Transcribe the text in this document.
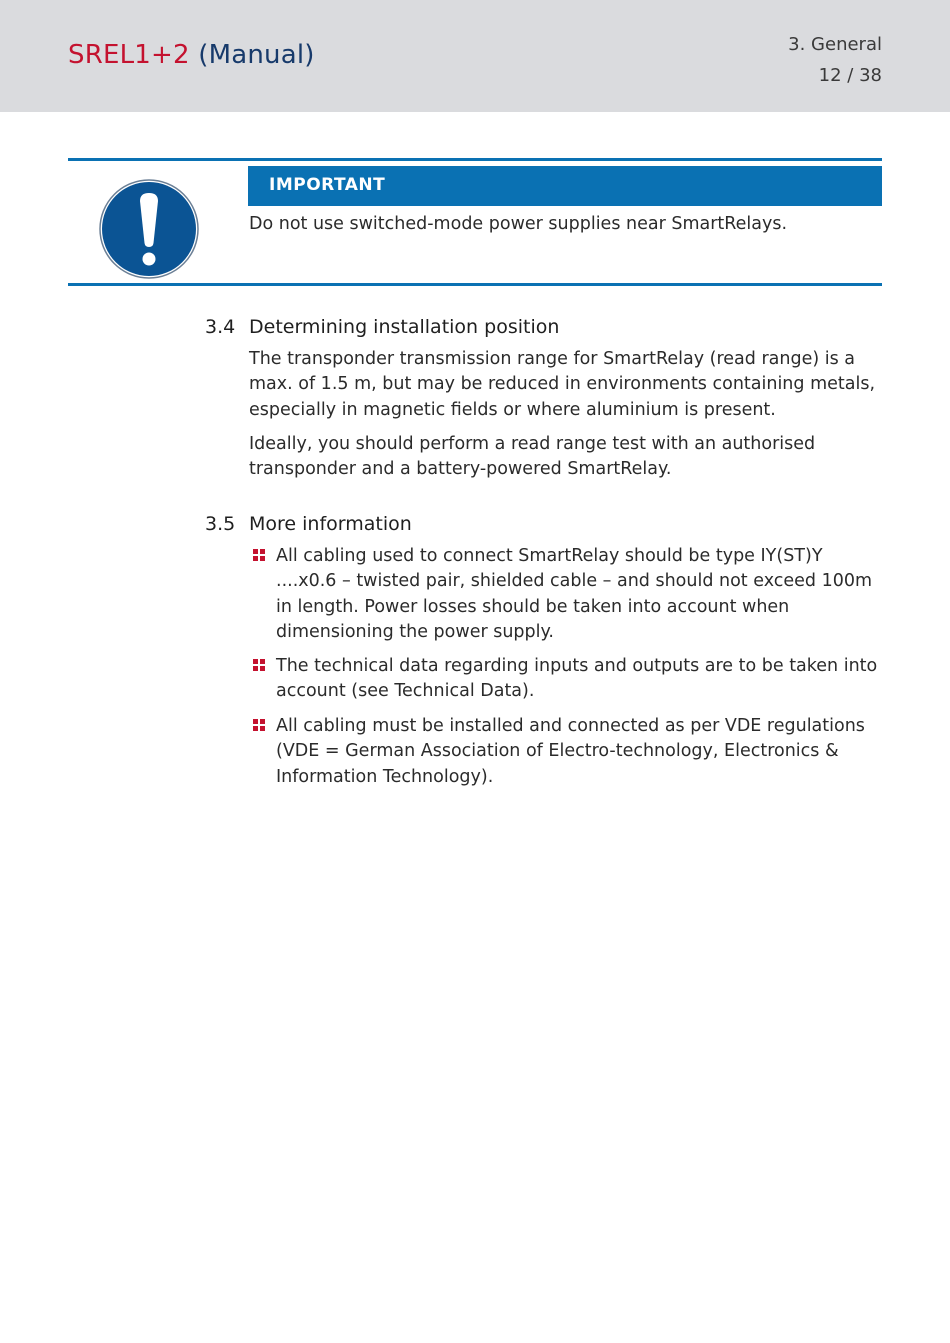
SREL1+2 (Manual)	3. General
12 / 38
IMPORTANT
Do not use switched-mode power supplies near SmartRelays.
3.4 Determining installation position
The transponder transmission range for SmartRelay (read range) is a max. of 1.5 m, but may be reduced in environments containing metals, especially in magnetic fields or where aluminium is present.
Ideally, you should perform a read range test with an authorised transponder and a battery-powered SmartRelay.
3.5 More information
All cabling used to connect SmartRelay should be type IY(ST)Y ....x0.6 – twisted pair, shielded cable – and should not exceed 100m in length. Power losses should be taken into account when dimensioning the power supply.
The technical data regarding inputs and outputs are to be taken into account (see Technical Data).
All cabling must be installed and connected as per VDE regulations (VDE = German Association of Electro-technology, Electronics & Information Technology).
